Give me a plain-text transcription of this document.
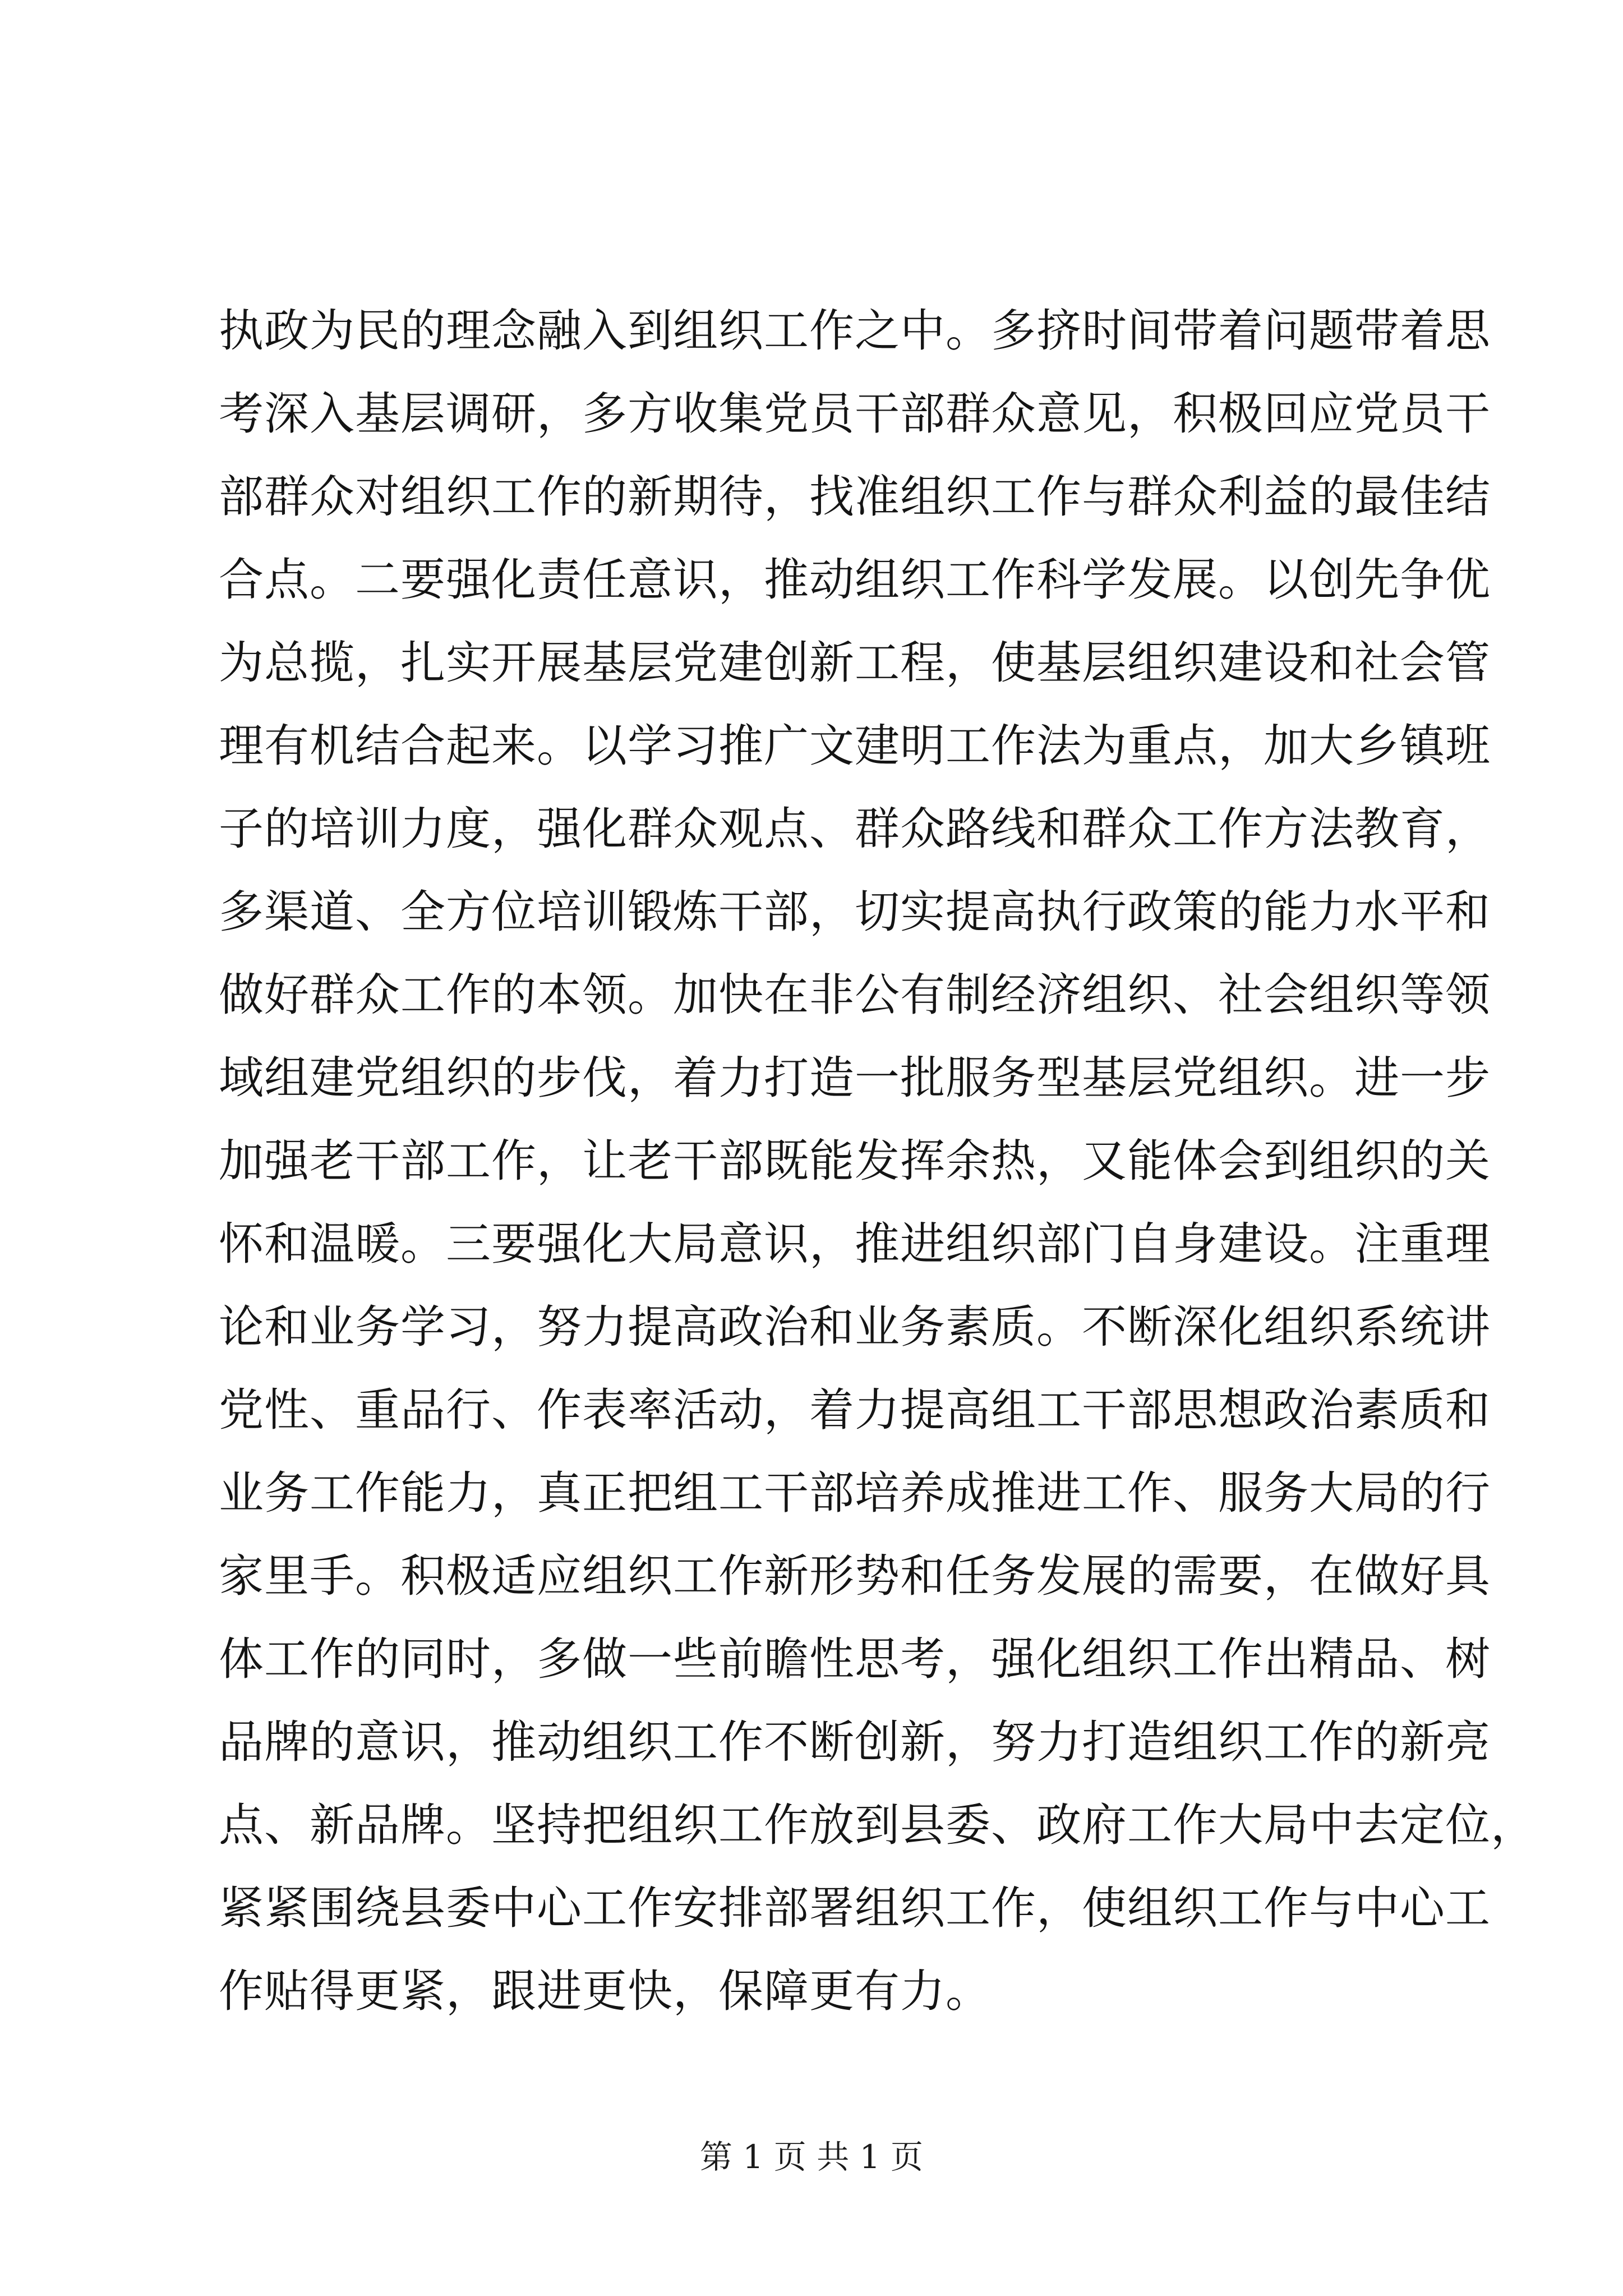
执政为民的理念融入到组织工作之中。多挤时间带着问题带着思
考深入基层调研，多方收集党员干部群众意见，积极回应党员干
部群众对组织工作的新期待，找准组织工作与群众利益的最佳结
合点。二要强化责任意识，推动组织工作科学发展。以创先争优
为总揽，扎实开展基层党建创新工程，使基层组织建设和社会管
理有机结合起来。以学习推广文建明工作法为重点，加大乡镇班
子的培训力度，强化群众观点、群众路线和群众工作方法教育，
多渠道、全方位培训锻炼干部，切实提高执行政策的能力水平和
做好群众工作的本领。加快在非公有制经济组织、社会组织等领
域组建党组织的步伐，着力打造一批服务型基层党组织。进一步
加强老干部工作，让老干部既能发挥余热，又能体会到组织的关
怀和温暖。三要强化大局意识，推进组织部门自身建设。注重理
论和业务学习，努力提高政治和业务素质。不断深化组织系统讲
党性、重品行、作表率活动，着力提高组工干部思想政治素质和
业务工作能力，真正把组工干部培养成推进工作、服务大局的行
家里手。积极适应组织工作新形势和任务发展的需要，在做好具
体工作的同时，多做一些前瞻性思考，强化组织工作出精品、树
品牌的意识，推动组织工作不断创新，努力打造组织工作的新亮
点、新品牌。坚持把组织工作放到县委、政府工作大局中去定位，
紧紧围绕县委中心工作安排部署组织工作，使组织工作与中心工
作贴得更紧，跟进更快，保障更有力。
第 1 页 共 1 页
